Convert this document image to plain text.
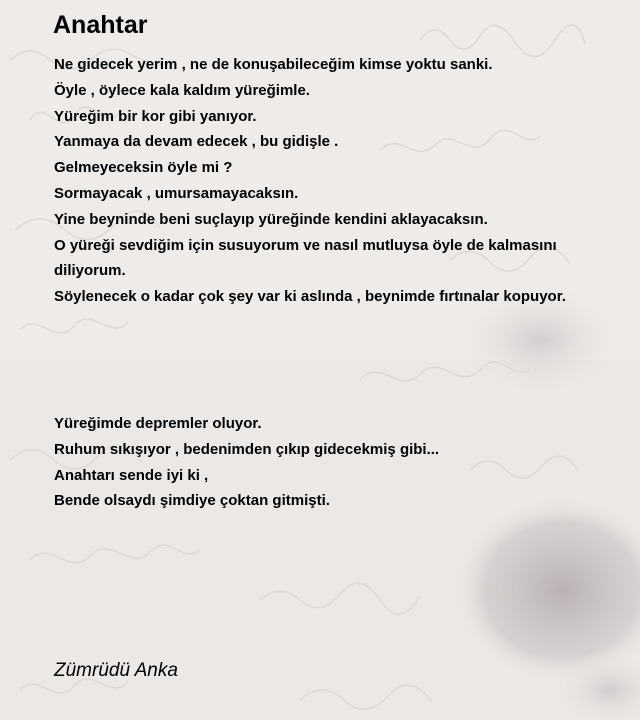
Anahtar
Ne gidecek yerim , ne de konuşabileceğim kimse yoktu sanki.
Öyle , öylece kala kaldım yüreğimle.
Yüreğim bir kor gibi yanıyor.
Yanmaya da devam edecek , bu gidişle .
Gelmeyeceksin öyle mi ?
Sormayacak , umursamayacaksın.
Yine beyninde beni suçlayıp yüreğinde kendini aklayacaksın.
O yüreği sevdiğim için susuyorum ve nasıl mutluysa öyle de kalmasını
diliyorum.
Söylenecek o kadar çok şey var ki aslında , beynimde fırtınalar kopuyor.
Yüreğimde depremler oluyor.
Ruhum sıkışıyor , bedenimden çıkıp gidecekmiş gibi...
Anahtarı sende iyi ki ,
Bende olsaydı şimdiye çoktan gitmişti.
Zümrüdü Anka
